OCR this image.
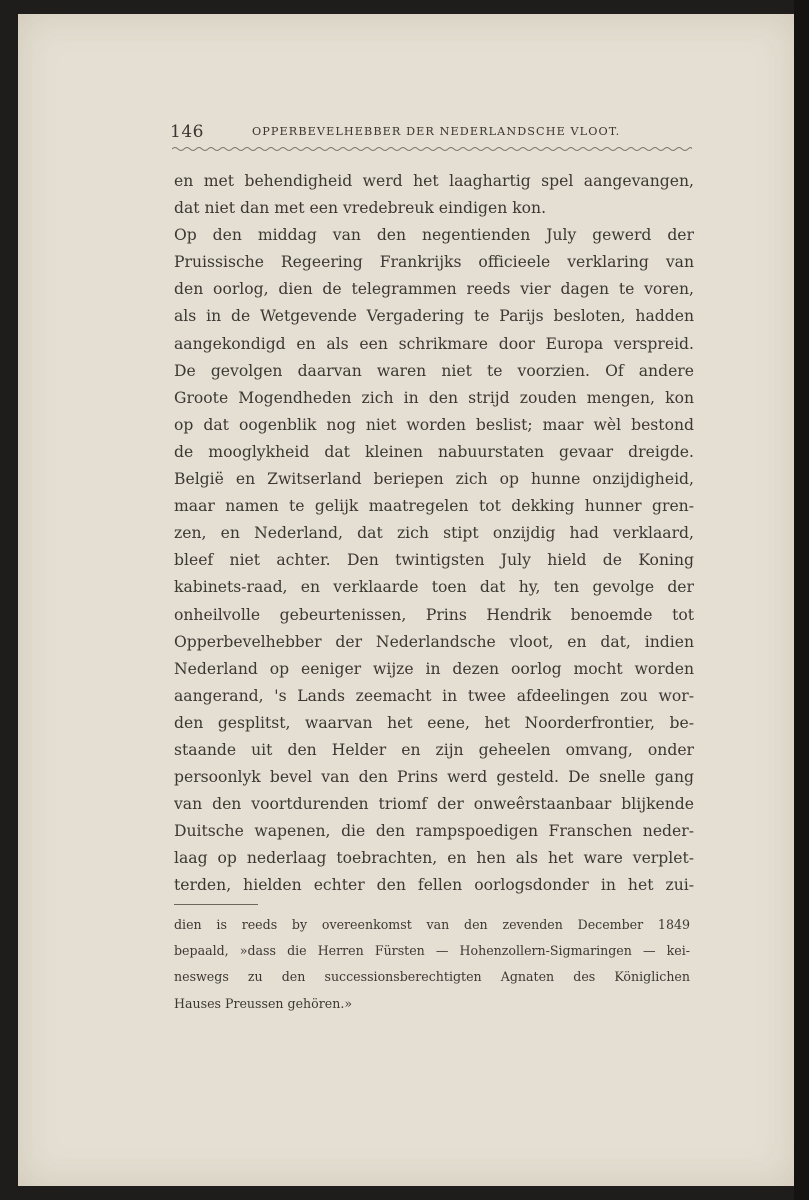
146	OPPERBEVELHEBBER DER NEDERLANDSCHE VLOOT.
en met behendigheid werd het laaghartig spel aangevangen,
dat niet dan met een vredebreuk eindigen kon.
Op den middag van den negentienden July gewerd der
Pruissische Regeering Frankrijks officieele verklaring van
den oorlog, dien de telegrammen reeds vier dagen te voren,
als in de Wetgevende Vergadering te Parijs besloten, hadden
aangekondigd en als een schrikmare door Europa verspreid.
De gevolgen daarvan waren niet te voorzien. Of andere
Groote Mogendheden zich in den strijd zouden mengen, kon
op dat oogenblik nog niet worden beslist; maar wèl bestond
de mooglykheid dat kleinen nabuurstaten gevaar dreigde.
België en Zwitserland beriepen zich op hunne onzijdigheid,
maar namen te gelijk maatregelen tot dekking hunner gren-
zen, en Nederland, dat zich stipt onzijdig had verklaard,
bleef niet achter. Den twintigsten July hield de Koning
kabinets-raad, en verklaarde toen dat hy, ten gevolge der
onheilvolle gebeurtenissen, Prins Hendrik benoemde tot
Opperbevelhebber der Nederlandsche vloot, en dat, indien
Nederland op eeniger wijze in dezen oorlog mocht worden
aangerand, 's Lands zeemacht in twee afdeelingen zou wor-
den gesplitst, waarvan het eene, het Noorderfrontier, be-
staande uit den Helder en zijn geheelen omvang, onder
persoonlyk bevel van den Prins werd gesteld. De snelle gang
van den voortdurenden triomf der onweêrstaanbaar blijkende
Duitsche wapenen, die den rampspoedigen Franschen neder-
laag op nederlaag toebrachten, en hen als het ware verplet-
terden, hielden echter den fellen oorlogsdonder in het zui-
dien is reeds by overeenkomst van den zevenden December 1849
bepaald, »dass die Herren Fürsten — Hohenzollern-Sigmaringen — kei-
neswegs zu den successionsberechtigten Agnaten des Königlichen
Hauses Preussen gehören.»
